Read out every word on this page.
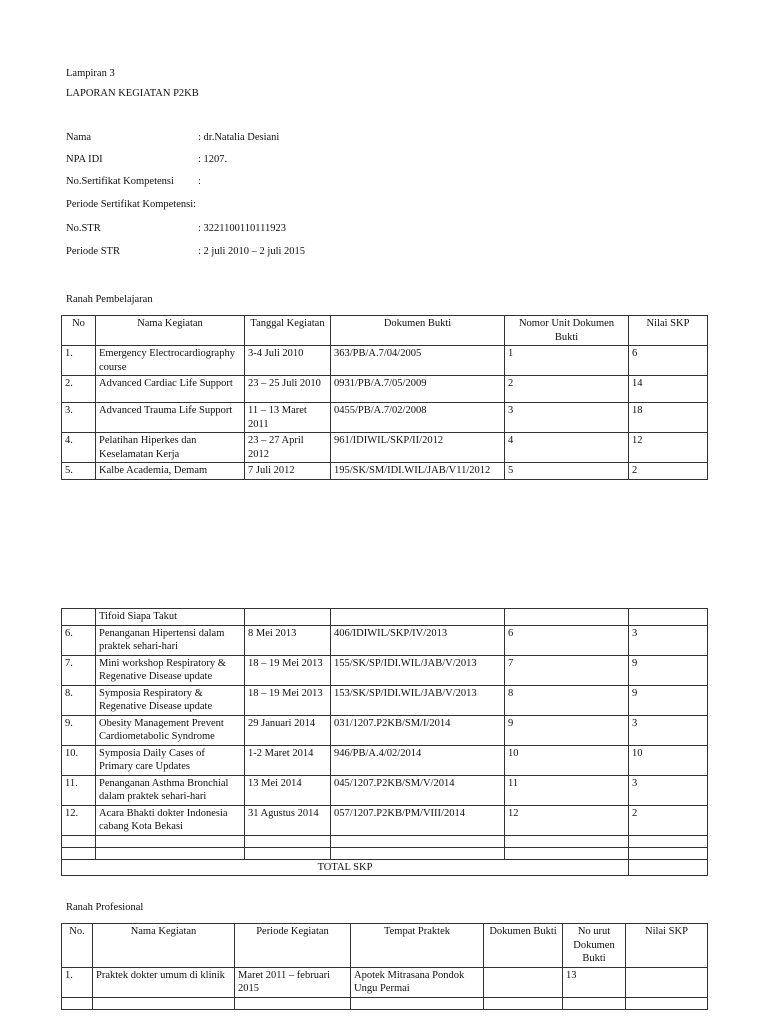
Lampiran 3
LAPORAN KEGIATAN P2KB
Nama	: dr.Natalia Desiani
NPA IDI	: 1207.
No.Sertifikat Kompetensi :
Periode Sertifikat Kompetensi:
No.STR	: 3221100110111923
Periode STR	: 2 juli 2010 – 2 juli 2015
Ranah Pembelajaran
No	Nama Kegiatan	Tanggal Kegiatan	Dokumen Bukti	Nomor Unit Dokumen Bukti	Nilai SKP
1.	Emergency Electrocardiography course	3-4 Juli 2010	363/PB/A.7/04/2005	1	6
2.	Advanced Cardiac Life Support	23 – 25 Juli 2010	0931/PB/A.7/05/2009	2	14
3.	Advanced Trauma Life Support	11 – 13 Maret 2011	0455/PB/A.7/02/2008	3	18
4.	Pelatihan Hiperkes dan Keselamatan Kerja	23 – 27 April 2012	961/IDIWIL/SKP/II/2012	4	12
5.	Kalbe Academia, Demam	7 Juli 2012	195/SK/SM/IDI.WIL/JAB/V11/2012	5	2
	Tifoid Siapa Takut				
6.	Penanganan Hipertensi dalam praktek sehari-hari	8 Mei 2013	406/IDIWIL/SKP/IV/2013	6	3
7.	Mini workshop Respiratory & Regenative Disease update	18 – 19 Mei 2013	155/SK/SP/IDI.WIL/JAB/V/2013	7	9
8.	Symposia Respiratory & Regenative Disease update	18 – 19 Mei 2013	153/SK/SP/IDI.WIL/JAB/V/2013	8	9
9.	Obesity Management Prevent Cardiometabolic Syndrome	29 Januari 2014	031/1207.P2KB/SM/I/2014	9	3
10.	Symposia Daily Cases of Primary care Updates	1-2 Maret 2014	946/PB/A.4/02/2014	10	10
11.	Penanganan Asthma Bronchial dalam praktek sehari-hari	13 Mei 2014	045/1207.P2KB/SM/V/2014	11	3
12.	Acara Bhakti dokter Indonesia cabang Kota Bekasi	31 Agustus 2014	057/1207.P2KB/PM/VIII/2014	12	2

TOTAL SKP					
Ranah Profesional
No.	Nama Kegiatan	Periode Kegiatan	Tempat Praktek	Dokumen Bukti	No urut Dokumen Bukti	Nilai SKP
1.	Praktek dokter umum di klinik	Maret 2011 – februari 2015	Apotek Mitrasana Pondok Ungu Permai		13	
